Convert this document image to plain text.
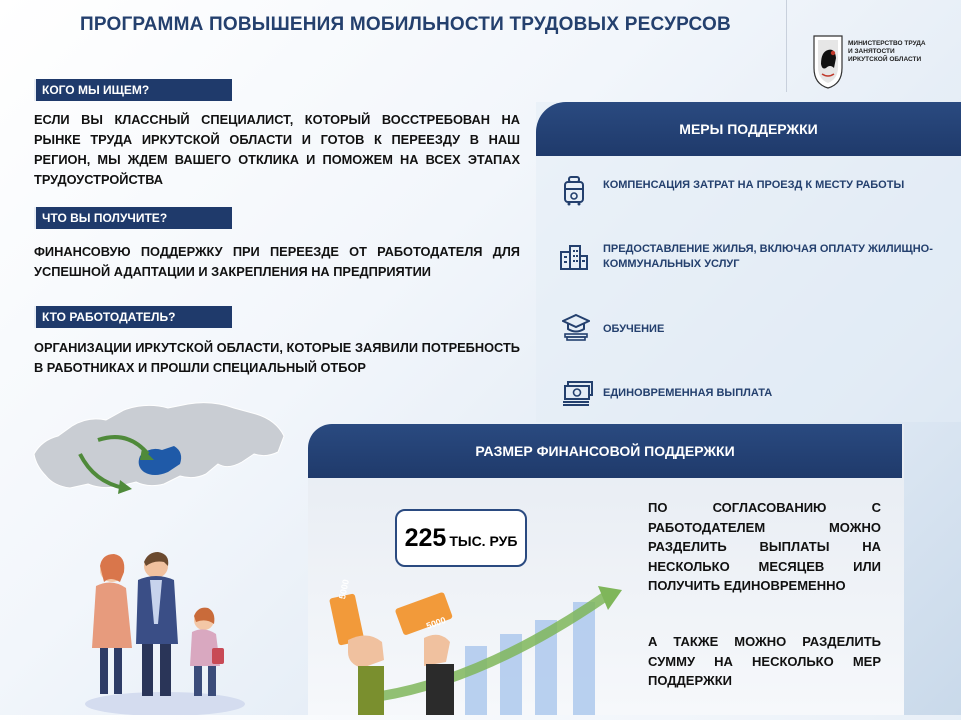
ПРОГРАММА ПОВЫШЕНИЯ МОБИЛЬНОСТИ ТРУДОВЫХ РЕСУРСОВ
МИНИСТЕРСТВО ТРУДА И ЗАНЯТОСТИ ИРКУТСКОЙ ОБЛАСТИ
КОГО МЫ ИЩЕМ?
ЕСЛИ ВЫ КЛАССНЫЙ СПЕЦИАЛИСТ, КОТОРЫЙ ВОССТРЕБОВАН НА РЫНКЕ ТРУДА ИРКУТСКОЙ ОБЛАСТИ И ГОТОВ К ПЕРЕЕЗДУ В НАШ РЕГИОН, МЫ ЖДЕМ ВАШЕГО ОТКЛИКА И ПОМОЖЕМ НА ВСЕХ ЭТАПАХ ТРУДОУСТРОЙСТВА
ЧТО ВЫ ПОЛУЧИТЕ?
ФИНАНСОВУЮ ПОДДЕРЖКУ ПРИ ПЕРЕЕЗДЕ ОТ РАБОТОДАТЕЛЯ ДЛЯ УСПЕШНОЙ АДАПТАЦИИ И ЗАКРЕПЛЕНИЯ НА ПРЕДПРИЯТИИ
КТО РАБОТОДАТЕЛЬ?
ОРГАНИЗАЦИИ ИРКУТСКОЙ ОБЛАСТИ, КОТОРЫЕ ЗАЯВИЛИ ПОТРЕБНОСТЬ В РАБОТНИКАХ И ПРОШЛИ СПЕЦИАЛЬНЫЙ ОТБОР
МЕРЫ ПОДДЕРЖКИ
КОМПЕНСАЦИЯ ЗАТРАТ НА ПРОЕЗД К МЕСТУ РАБОТЫ
ПРЕДОСТАВЛЕНИЕ ЖИЛЬЯ, ВКЛЮЧАЯ ОПЛАТУ ЖИЛИЩНО-КОММУНАЛЬНЫХ УСЛУГ
ОБУЧЕНИЕ
ЕДИНОВРЕМЕННАЯ ВЫПЛАТА
РАЗМЕР ФИНАНСОВОЙ ПОДДЕРЖКИ
225 ТЫС. РУБ
5000
5000
ПО СОГЛАСОВАНИЮ С РАБОТОДАТЕЛЕМ МОЖНО РАЗДЕЛИТЬ ВЫПЛАТЫ НА НЕСКОЛЬКО МЕСЯЦЕВ ИЛИ ПОЛУЧИТЬ ЕДИНОВРЕМЕННО
А ТАКЖЕ МОЖНО РАЗДЕЛИТЬ СУММУ НА НЕСКОЛЬКО МЕР ПОДДЕРЖКИ
